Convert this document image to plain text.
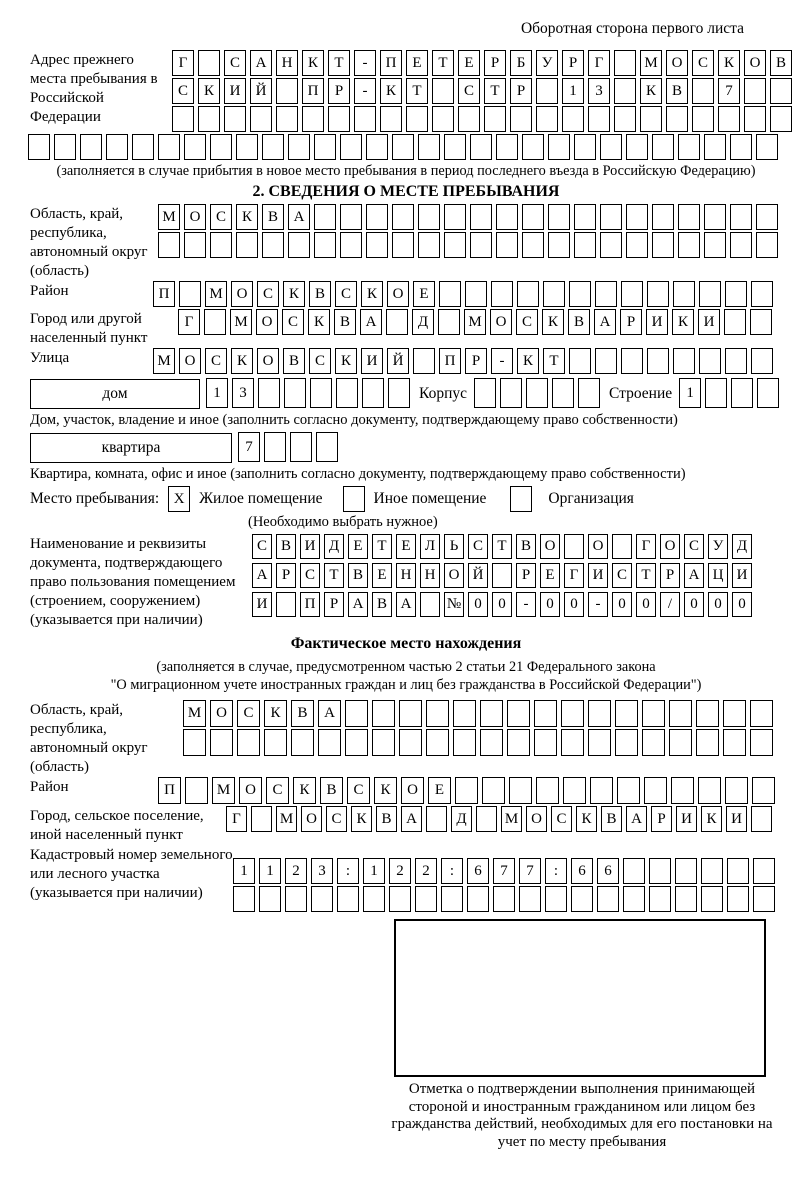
Оборотная сторона первого листа
Адрес прежнего места пребывания в Российской Федерации
Г	С	А	Н	К	Т	-	П	Е	Т	Е	Р	Б	У	Р	Г	М О	С	К	О	В
С	К	И	Й	П	Р	-	К	Т	С	Т	Р	1	3	К	В	7
(заполняется в случае прибытия в новое место пребывания в период последнего въезда в Российскую Федерацию)
2. СВЕДЕНИЯ О МЕСТЕ ПРЕБЫВАНИЯ
Область, край, республика, автономный округ (область)
М О	С	К	В	А
Район	П	М О	С	К	В	С	К	О	Е
Город или другой населенный пункт
Г	М О	С	К	В	А	Д	М О	С	К	В	А	Р	И	К	И
Улица	М О	С	К	О	В	С	К	И	Й	П	Р	-	К	Т
дом	1	3	Корпус	Строение 1
Дом, участок, владение и иное (заполнить согласно документу, подтверждающему право собственности)
квартира	7
Квартира, комната, офис и иное (заполнить согласно документу, подтверждающему право собственности)
Место пребывания: X Жилое помещение	Иное помещение	Организация
(Необходимо выбрать нужное)
Наименование и реквизиты документа, подтверждающего право пользования помещением (строением, сооружением) (указывается при наличии)
С В И Д Е Т Е Л Ь С Т В О	О	Г О С У Д
А Р С Т В Е Н Н О Й	Р	Е	Г И С Т	Р А Ц И
И	П Р А В А	№ 0	0	-	0	0	-	0	0	/	0	0	0
Фактическое место нахождения
(заполняется в случае, предусмотренном частью 2 статьи 21 Федерального закона
"О миграционном учете иностранных граждан и лиц без гражданства в Российской Федерации")
Область, край, республика, автономный округ (область)
М О	С	К	В	А
Район	П	М О	С	К	В	С	К	О	Е
Город, сельское поселение, иной населенный пункт
Г	М О С К В А	Д	М О С К В А	Р	И К И
Кадастровый номер земельного или лесного участка (указывается при наличии)
1	1	2	3	:	1	2	2	:	6	7	7	:	6	6
Отметка о подтверждении выполнения принимающей стороной и иностранным гражданином или лицом без гражданства действий, необходимых для его постановки на учет по месту пребывания
